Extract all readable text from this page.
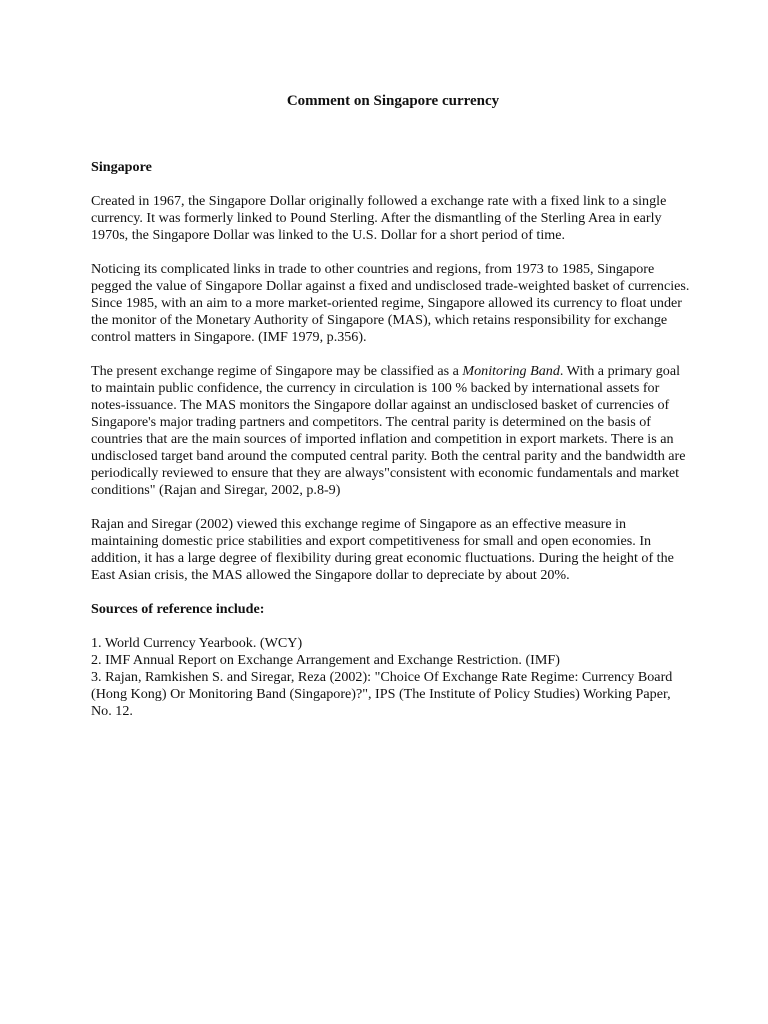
Comment on Singapore currency
Singapore

Created in 1967, the Singapore Dollar originally followed a exchange rate with a fixed link to a single currency. It was formerly linked to Pound Sterling. After the dismantling of the Sterling Area in early 1970s, the Singapore Dollar was linked to the U.S. Dollar for a short period of time.

Noticing its complicated links in trade to other countries and regions, from 1973 to 1985, Singapore pegged the value of Singapore Dollar against a fixed and undisclosed trade-weighted basket of currencies. Since 1985, with an aim to a more market-oriented regime, Singapore allowed its currency to float under the monitor of the Monetary Authority of Singapore (MAS), which retains responsibility for exchange control matters in Singapore. (IMF 1979, p.356).

The present exchange regime of Singapore may be classified as a Monitoring Band. With a primary goal to maintain public confidence, the currency in circulation is 100 % backed by international assets for notes-issuance. The MAS monitors the Singapore dollar against an undisclosed basket of currencies of Singapore's major trading partners and competitors. The central parity is determined on the basis of countries that are the main sources of imported inflation and competition in export markets. There is an undisclosed target band around the computed central parity. Both the central parity and the bandwidth are periodically reviewed to ensure that they are always"consistent with economic fundamentals and market conditions" (Rajan and Siregar, 2002, p.8-9)

Rajan and Siregar (2002) viewed this exchange regime of Singapore as an effective measure in maintaining domestic price stabilities and export competitiveness for small and open economies. In addition, it has a large degree of flexibility during great economic fluctuations. During the height of the East Asian crisis, the MAS allowed the Singapore dollar to depreciate by about 20%.

Sources of reference include:
1. World Currency Yearbook. (WCY)
2. IMF Annual Report on Exchange Arrangement and Exchange Restriction. (IMF)
3. Rajan, Ramkishen S. and Siregar, Reza (2002): "Choice Of Exchange Rate Regime: Currency Board (Hong Kong) Or Monitoring Band (Singapore)?", IPS (The Institute of Policy Studies) Working Paper, No. 12.
